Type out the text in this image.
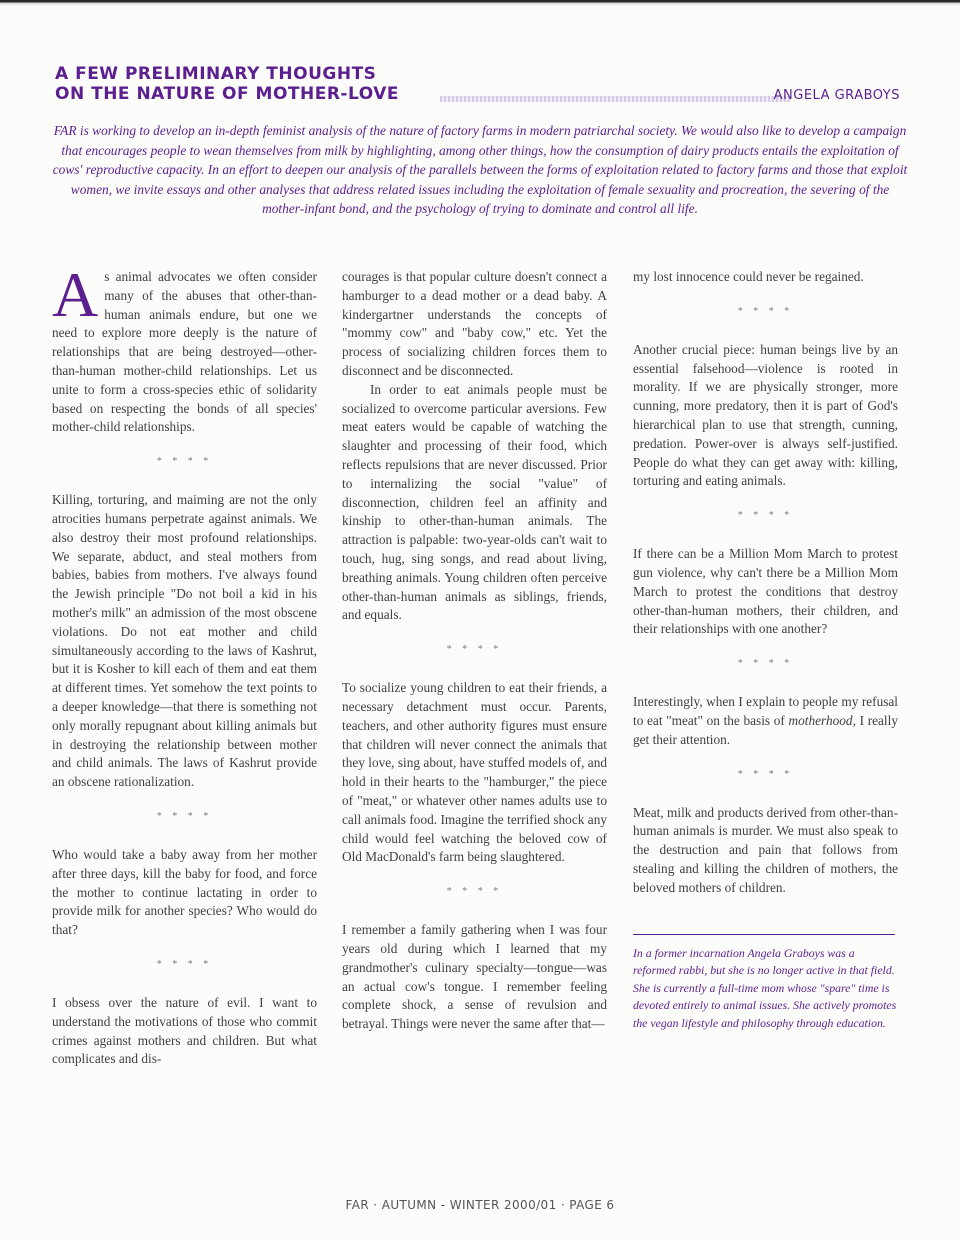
A FEW PRELIMINARY THOUGHTS
ON THE NATURE OF MOTHER-LOVE	ANGELA GRABOYS
FAR is working to develop an in-depth feminist analysis of the nature of factory farms in modern patriarchal society. We would also like to develop a campaign that encourages people to wean themselves from milk by highlighting, among other things, how the consumption of dairy products entails the exploitation of cows' reproductive capacity. In an effort to deepen our analysis of the parallels between the forms of exploitation related to factory farms and those that exploit women, we invite essays and other analyses that address related issues including the exploitation of female sexuality and procreation, the severing of the mother-infant bond, and the psychology of trying to dominate and control all life.

As animal advocates we often consider many of the abuses that other-than-human animals endure, but one we need to explore more deeply is the nature of relationships that are being destroyed—other-than-human mother-child relationships. Let us unite to form a cross-species ethic of solidarity based on respecting the bonds of all species' mother-child relationships.

* * * *

Killing, torturing, and maiming are not the only atrocities humans perpetrate against animals. We also destroy their most profound relationships. We separate, abduct, and steal mothers from babies, babies from mothers. I've always found the Jewish principle "Do not boil a kid in his mother's milk" an admission of the most obscene violations. Do not eat mother and child simultaneously according to the laws of Kashrut, but it is Kosher to kill each of them and eat them at different times. Yet somehow the text points to a deeper knowledge—that there is something not only morally repugnant about killing animals but in destroying the relationship between mother and child animals. The laws of Kashrut provide an obscene rationalization.

* * * *

Who would take a baby away from her mother after three days, kill the baby for food, and force the mother to continue lactating in order to provide milk for another species? Who would do that?

* * * *

I obsess over the nature of evil. I want to understand the motivations of those who commit crimes against mothers and children. But what complicates and dis-

courages is that popular culture doesn't connect a hamburger to a dead mother or a dead baby. A kindergartner understands the concepts of "mommy cow" and "baby cow," etc. Yet the process of socializing children forces them to disconnect and be disconnected.

In order to eat animals people must be socialized to overcome particular aversions. Few meat eaters would be capable of watching the slaughter and processing of their food, which reflects repulsions that are never discussed. Prior to internalizing the social "value" of disconnection, children feel an affinity and kinship to other-than-human animals. The attraction is palpable: two-year-olds can't wait to touch, hug, sing songs, and read about living, breathing animals. Young children often perceive other-than-human animals as siblings, friends, and equals.

* * * *

To socialize young children to eat their friends, a necessary detachment must occur. Parents, teachers, and other authority figures must ensure that children will never connect the animals that they love, sing about, have stuffed models of, and hold in their hearts to the "hamburger," the piece of "meat," or whatever other names adults use to call animals food. Imagine the terrified shock any child would feel watching the beloved cow of Old MacDonald's farm being slaughtered.

* * * *

I remember a family gathering when I was four years old during which I learned that my grandmother's culinary specialty—tongue—was an actual cow's tongue. I remember feeling complete shock, a sense of revulsion and betrayal. Things were never the same after that—

my lost innocence could never be regained.

* * * *

Another crucial piece: human beings live by an essential falsehood—violence is rooted in morality. If we are physically stronger, more cunning, more predatory, then it is part of God's hierarchical plan to use that strength, cunning, predation. Power-over is always self-justified. People do what they can get away with: killing, torturing and eating animals.

* * * *

If there can be a Million Mom March to protest gun violence, why can't there be a Million Mom March to protest the conditions that destroy other-than-human mothers, their children, and their relationships with one another?

* * * *

Interestingly, when I explain to people my refusal to eat "meat" on the basis of motherhood, I really get their attention.

* * * *

Meat, milk and products derived from other-than-human animals is murder. We must also speak to the destruction and pain that follows from stealing and killing the children of mothers, the beloved mothers of children.

In a former incarnation Angela Graboys was a reformed rabbi, but she is no longer active in that field. She is currently a full-time mom whose "spare" time is devoted entirely to animal issues. She actively promotes the vegan lifestyle and philosophy through education.
FAR · AUTUMN - WINTER 2000/01 · PAGE 6
